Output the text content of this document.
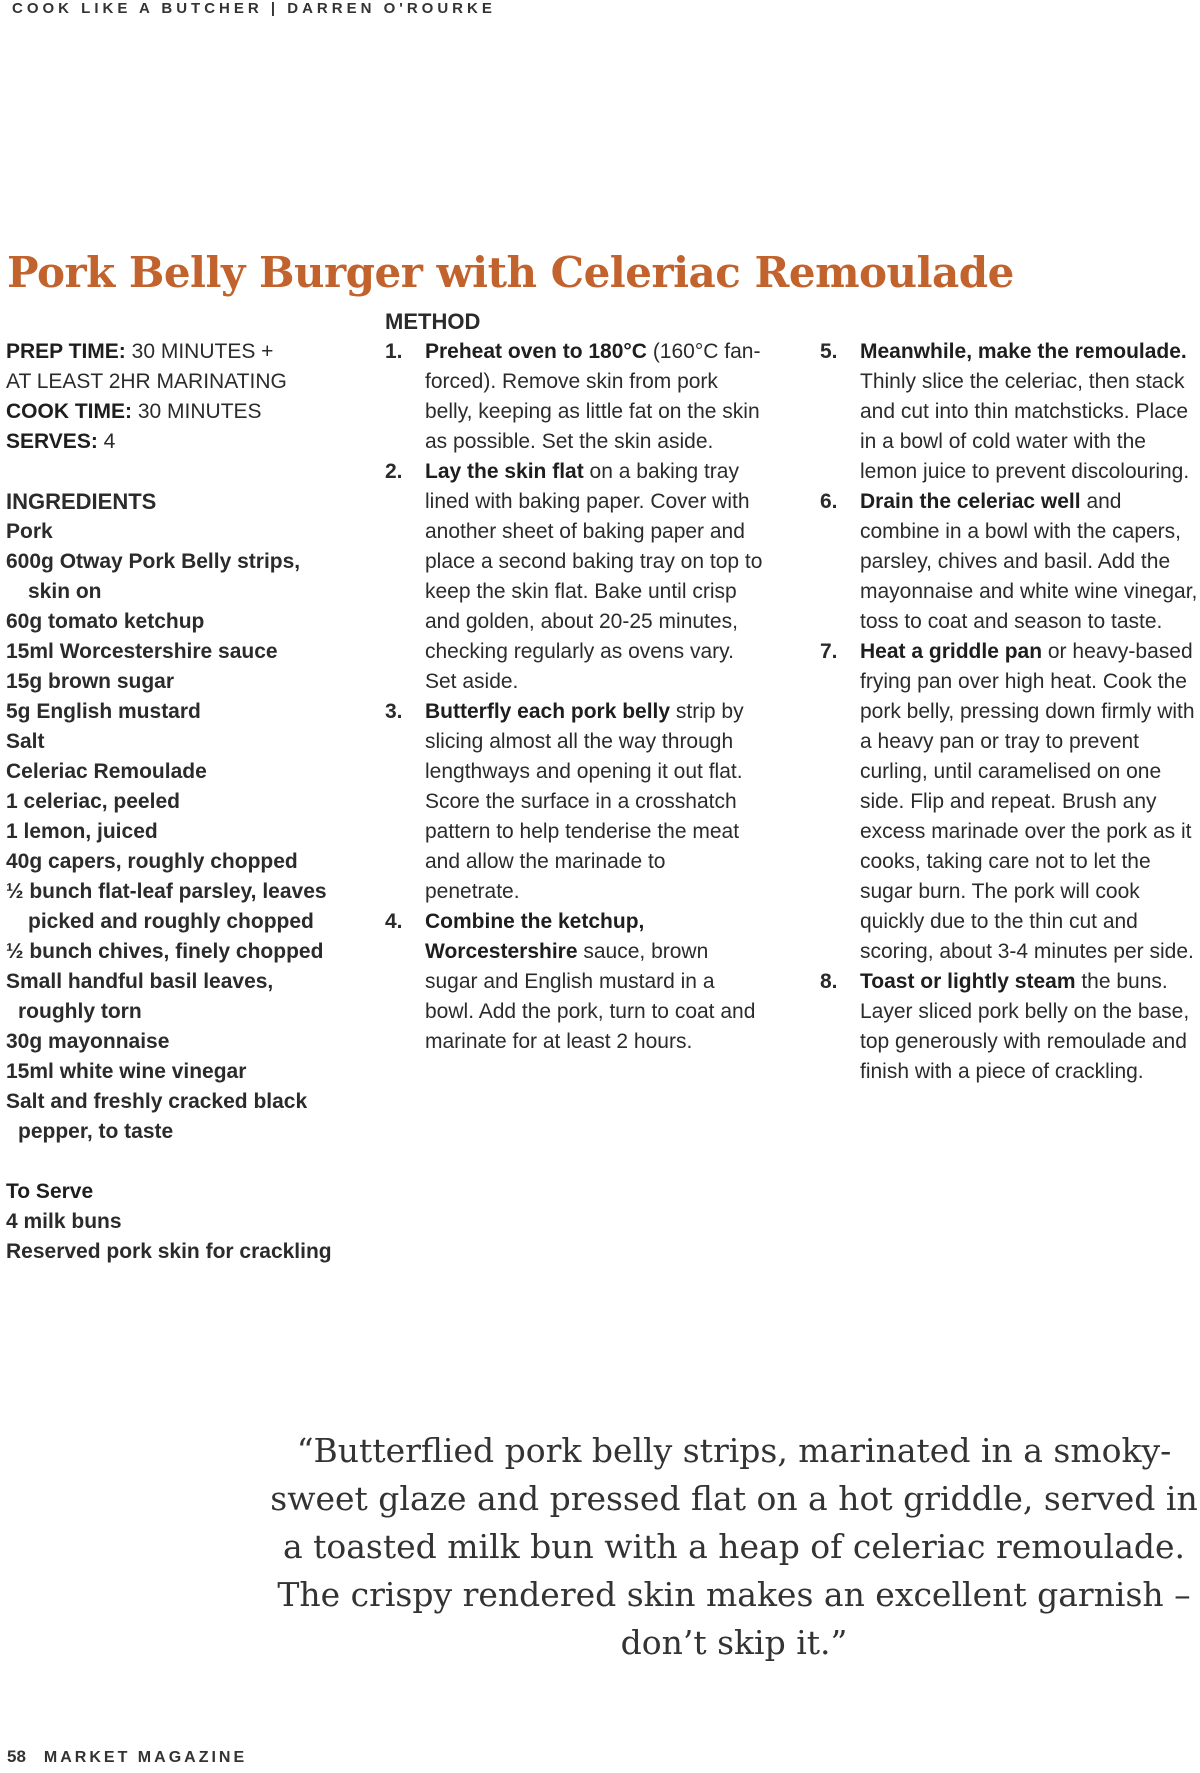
COOK LIKE A BUTCHER | DARREN O'ROURKE
Pork Belly Burger with Celeriac Remoulade

PREP TIME: 30 MINUTES +

AT LEAST 2HR MARINATING

COOK TIME: 30 MINUTES

SERVES: 4

INGREDIENTS

Pork

600g Otway Pork Belly strips, skin on

60g tomato ketchup

15ml Worcestershire sauce

15g brown sugar

5g English mustard

Salt

Celeriac Remoulade

1 celeriac, peeled

1 lemon, juiced

40g capers, roughly chopped

½ bunch flat-leaf parsley, leaves picked and roughly chopped

½ bunch chives, finely chopped

Small handful basil leaves, roughly torn

30g mayonnaise

15ml white wine vinegar

Salt and freshly cracked black pepper, to taste

To Serve

4 milk buns

Reserved pork skin for crackling

METHOD

1.	Preheat oven to 180°C (160°C fan-forced). Remove skin from pork belly, keeping as little fat on the skin as possible. Set the skin aside.
2.	Lay the skin flat on a baking tray lined with baking paper. Cover with another sheet of baking paper and place a second baking tray on top to keep the skin flat. Bake until crisp and golden, about 20-25 minutes, checking regularly as ovens vary. Set aside.
3.	Butterfly each pork belly strip by slicing almost all the way through lengthways and opening it out flat. Score the surface in a crosshatch pattern to help tenderise the meat and allow the marinade to penetrate.
4.	Combine the ketchup, Worcestershire sauce, brown sugar and English mustard in a bowl. Add the pork, turn to coat and marinate for at least 2 hours.
5.	Meanwhile, make the remoulade. Thinly slice the celeriac, then stack and cut into thin matchsticks. Place in a bowl of cold water with the lemon juice to prevent discolouring.
6.	Drain the celeriac well and combine in a bowl with the capers, parsley, chives and basil. Add the mayonnaise and white wine vinegar, toss to coat and season to taste.
7.	Heat a griddle pan or heavy-based frying pan over high heat. Cook the pork belly, pressing down firmly with a heavy pan or tray to prevent curling, until caramelised on one side. Flip and repeat. Brush any excess marinade over the pork as it cooks, taking care not to let the sugar burn. The pork will cook quickly due to the thin cut and scoring, about 3-4 minutes per side.
8.	Toast or lightly steam the buns. Layer sliced pork belly on the base, top generously with remoulade and finish with a piece of crackling.
“Butterflied pork belly strips, marinated in a smoky-sweet glaze and pressed flat on a hot griddle, served in a toasted milk bun with a heap of celeriac remoulade. The crispy rendered skin makes an excellent garnish – don’t skip it.”
58 MARKET MAGAZINE
